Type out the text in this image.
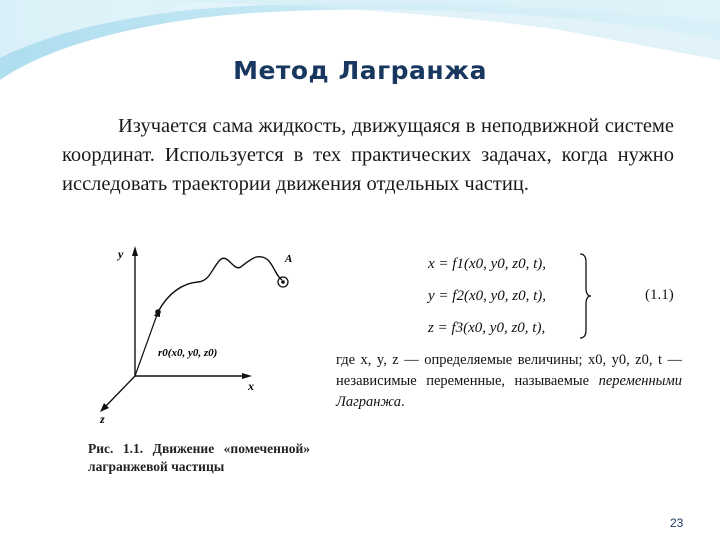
Метод Лагранжа
Изучается сама жидкость, движущаяся в неподвижной системе координат. Используется в тех практических задачах, когда нужно исследовать траектории движения отдельных частиц.
y
x
z
A
r0(x0, y0, z0)
Рис. 1.1. Движение «помеченной» лагранжевой частицы
x = f1(x0, y0, z0, t),
y = f2(x0, y0, z0, t),
z = f3(x0, y0, z0, t),
(1.1)
где x, y, z — определяемые величины; x0, y0, z0, t — независимые переменные, называемые переменными Лагранжа.
23
